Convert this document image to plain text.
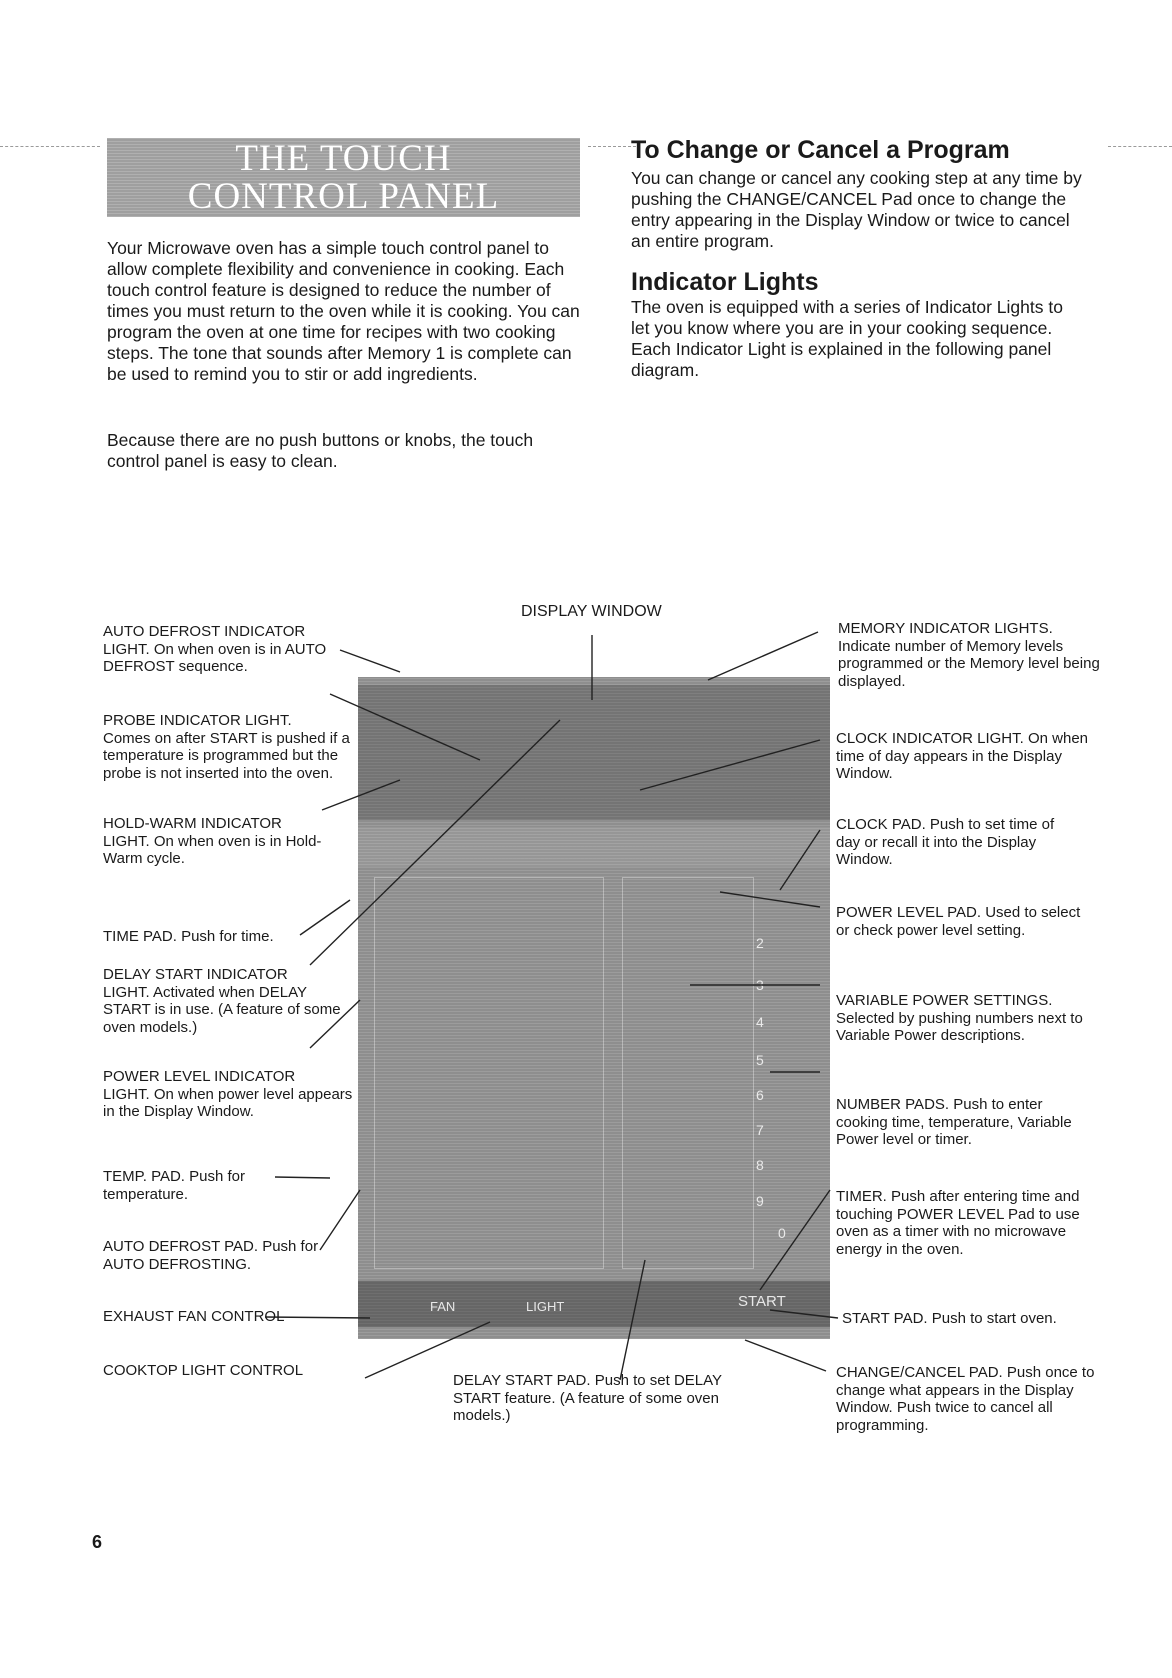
THE TOUCH
CONTROL PANEL

Your Microwave oven has a simple touch control panel to allow complete flexibility and convenience in cooking. Each touch control feature is designed to reduce the number of times you must return to the oven while it is cooking. You can program the oven at one time for recipes with two cooking steps. The tone that sounds after Memory 1 is complete can be used to remind you to stir or add ingredients.

Because there are no push buttons or knobs, the touch control panel is easy to clean.

To Change or Cancel a Program

You can change or cancel any cooking step at any time by pushing the CHANGE/CANCEL Pad once to change the entry appearing in the Display Window or twice to cancel an entire program.

Indicator Lights

The oven is equipped with a series of Indicator Lights to let you know where you are in your cooking sequence. Each Indicator Light is explained in the following panel diagram.

2
3
4
5
6
7
8
9
0
FAN	LIGHT	START
DISPLAY WINDOW
AUTO DEFROST INDICATOR
LIGHT. On when oven is in AUTO DEFROST sequence.
PROBE INDICATOR LIGHT.
Comes on after START is pushed if a temperature is programmed but the probe is not inserted into the oven.
HOLD-WARM INDICATOR
LIGHT. On when oven is in Hold-Warm cycle.
TIME PAD. Push for time.
DELAY START INDICATOR
LIGHT. Activated when DELAY START is in use. (A feature of some oven models.)
POWER LEVEL INDICATOR
LIGHT. On when power level appears in the Display Window.
TEMP. PAD. Push for temperature.
AUTO DEFROST PAD. Push for AUTO DEFROSTING.
EXHAUST FAN CONTROL
COOKTOP LIGHT CONTROL
DELAY START PAD. Push to set DELAY START feature. (A feature of some oven models.)
MEMORY INDICATOR LIGHTS.
Indicate number of Memory levels programmed or the Memory level being displayed.
CLOCK INDICATOR LIGHT. On when time of day appears in the Display Window.
CLOCK PAD. Push to set time of day or recall it into the Display Window.
POWER LEVEL PAD. Used to select or check power level setting.
VARIABLE POWER SETTINGS.
Selected by pushing numbers next to Variable Power descriptions.
NUMBER PADS. Push to enter cooking time, temperature, Variable Power level or timer.
TIMER. Push after entering time and touching POWER LEVEL Pad to use oven as a timer with no microwave energy in the oven.
START PAD. Push to start oven.
CHANGE/CANCEL PAD. Push once to change what appears in the Display Window. Push twice to cancel all programming.
6
